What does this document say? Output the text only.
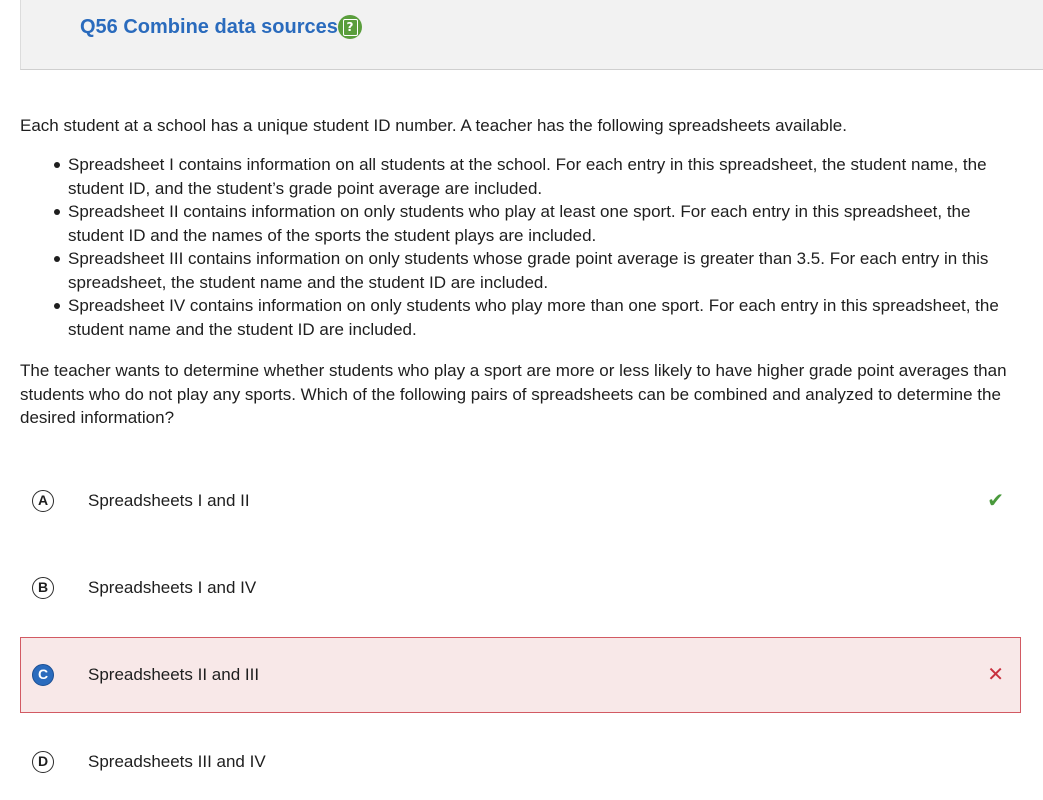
Q56 Combine data sources ?

Each student at a school has a unique student ID number. A teacher has the following spreadsheets available.

Spreadsheet I contains information on all students at the school. For each entry in this spreadsheet, the student name, the student ID, and the student’s grade point average are included.
Spreadsheet II contains information on only students who play at least one sport. For each entry in this spreadsheet, the student ID and the names of the sports the student plays are included.
Spreadsheet III contains information on only students whose grade point average is greater than 3.5. For each entry in this spreadsheet, the student name and the student ID are included.
Spreadsheet IV contains information on only students who play more than one sport. For each entry in this spreadsheet, the student name and the student ID are included.

The teacher wants to determine whether students who play a sport are more or less likely to have higher grade point averages than students who do not play any sports. Which of the following pairs of spreadsheets can be combined and analyzed to determine the desired information?

A	Spreadsheets I and II	✔
B	Spreadsheets I and IV
C	Spreadsheets II and III	✕
D	Spreadsheets III and IV
